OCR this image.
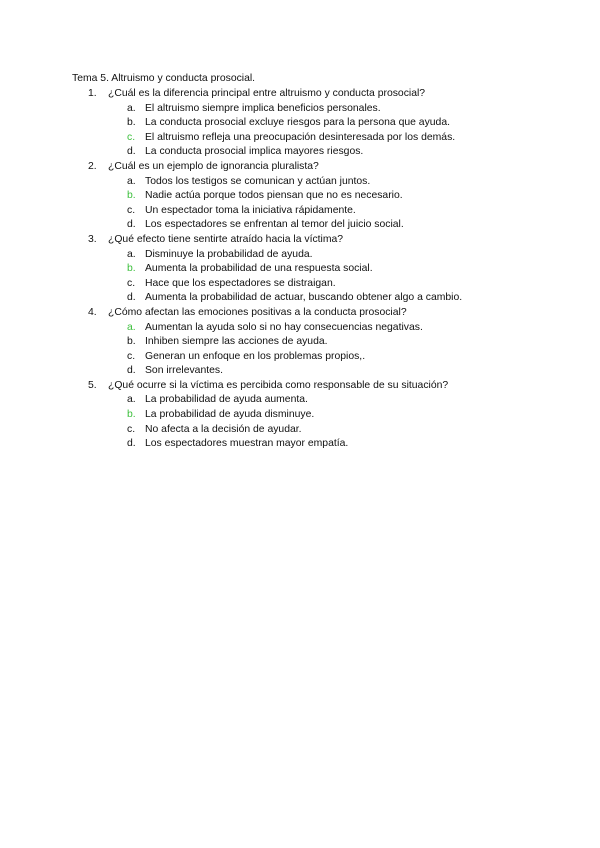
Tema 5. Altruismo y conducta prosocial.
1.	¿Cuál es la diferencia principal entre altruismo y conducta prosocial?
a. El altruismo siempre implica beneficios personales.
b. La conducta prosocial excluye riesgos para la persona que ayuda.
c. El altruismo refleja una preocupación desinteresada por los demás.
d. La conducta prosocial implica mayores riesgos.
2.	¿Cuál es un ejemplo de ignorancia pluralista?
a. Todos los testigos se comunican y actúan juntos.
b. Nadie actúa porque todos piensan que no es necesario.
c. Un espectador toma la iniciativa rápidamente.
d. Los espectadores se enfrentan al temor del juicio social.
3.	¿Qué efecto tiene sentirte atraído hacia la víctima?
a. Disminuye la probabilidad de ayuda.
b. Aumenta la probabilidad de una respuesta social.
c. Hace que los espectadores se distraigan.
d. Aumenta la probabilidad de actuar, buscando obtener algo a cambio.
4.	¿Cómo afectan las emociones positivas a la conducta prosocial?
a. Aumentan la ayuda solo si no hay consecuencias negativas.
b. Inhiben siempre las acciones de ayuda.
c. Generan un enfoque en los problemas propios,.
d. Son irrelevantes.
5.	¿Qué ocurre si la víctima es percibida como responsable de su situación?
a. La probabilidad de ayuda aumenta.
b. La probabilidad de ayuda disminuye.
c. No afecta a la decisión de ayudar.
d. Los espectadores muestran mayor empatía.
